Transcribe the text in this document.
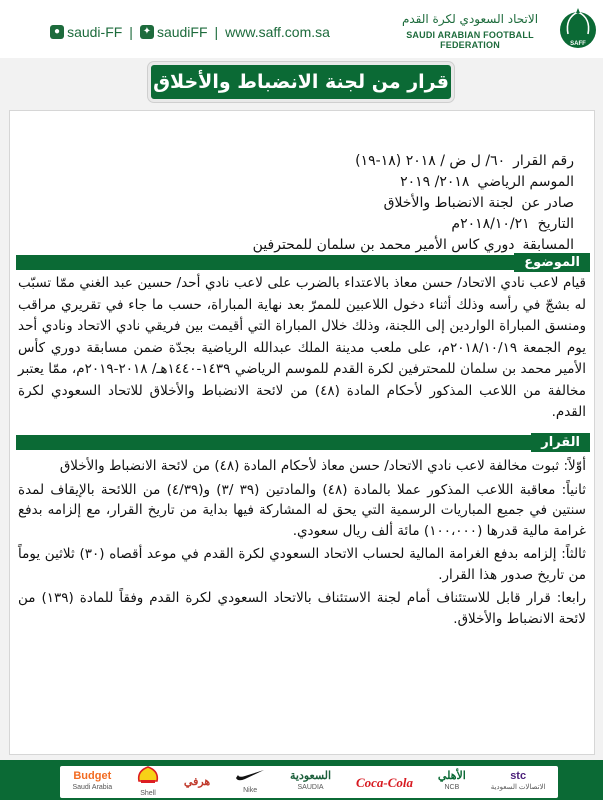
● saudi-FF | ✦ saudiFF | www.saff.com.sa
الاتحاد السعودي لكرة القدم
SAUDI ARABIAN FOOTBALL FEDERATION	SAFF
قرار من لجنة الانضباط والأخلاق
رقم القرار٦٠/ ل ض / ٢٠١٨ (١٨-١٩)
الموسم الرياضي٢٠١٨/ ٢٠١٩
صادر عنلجنة الانضباط والأخلاق
التاريخ٢٠١٨/١٠/٢١م
المسابقةدوري كاس الأمير محمد بن سلمان للمحترفين
الموضوع
قيام لاعب نادي الاتحاد/ حسن معاذ بالاعتداء بالضرب على لاعب نادي أحد/ حسين عبد الغني ممّا تسبّب له بشجّ في رأسه وذلك أثناء دخول اللاعبين للممرّ بعد نهاية المباراة، حسب ما جاء في تقريري مراقب ومنسق المباراة الواردين إلى اللجنة، وذلك خلال المباراة التي أقيمت بين فريقي نادي الاتحاد ونادي أحد يوم الجمعة ٢٠١٨/١٠/١٩م، على ملعب مدينة الملك عبدالله الرياضية بجدّة ضمن مسابقة دوري كأس الأمير محمد بن سلمان للمحترفين لكرة القدم للموسم الرياضي ١٤٣٩-١٤٤٠هـ/ ٢٠١٨-٢٠١٩م، ممّا يعتبر مخالفة من اللاعب المذكور لأحكام المادة (٤٨) من لائحة الانضباط والأخلاق للاتحاد السعودي لكرة القدم.
القرار

أوّلاً: ثبوت مخالفة لاعب نادي الاتحاد/ حسن معاذ لأحكام المادة (٤٨) من لائحة الانضباط والأخلاق

ثانياً: معاقبة اللاعب المذكور عملا بالمادة (٤٨) والمادتين (٣٩ /٣) و(٤/٣٩) من اللائحة بالإيقاف لمدة سنتين في جميع المباريات الرسمية التي يحق له المشاركة فيها بداية من تاريخ القرار، مع إلزامه بدفع غرامة مالية قدرها (١٠٠،٠٠٠) مائة ألف ريال سعودي.

ثالثاً: إلزامه بدفع الغرامة المالية لحساب الاتحاد السعودي لكرة القدم في موعد أقصاه (٣٠) ثلاثين يوماً من تاريخ صدور هذا القرار.

رابعا: قرار قابل للاستئناف أمام لجنة الاستئناف بالاتحاد السعودي لكرة القدم وفقاً للمادة (١٣٩) من لائحة الانضباط والأخلاق.

Budget
Saudi Arabia
Shell
هرفي
Nike
السعودية
SAUDIA	Coca-Cola الأهلي
NCB
stc
الاتصالات السعودية
